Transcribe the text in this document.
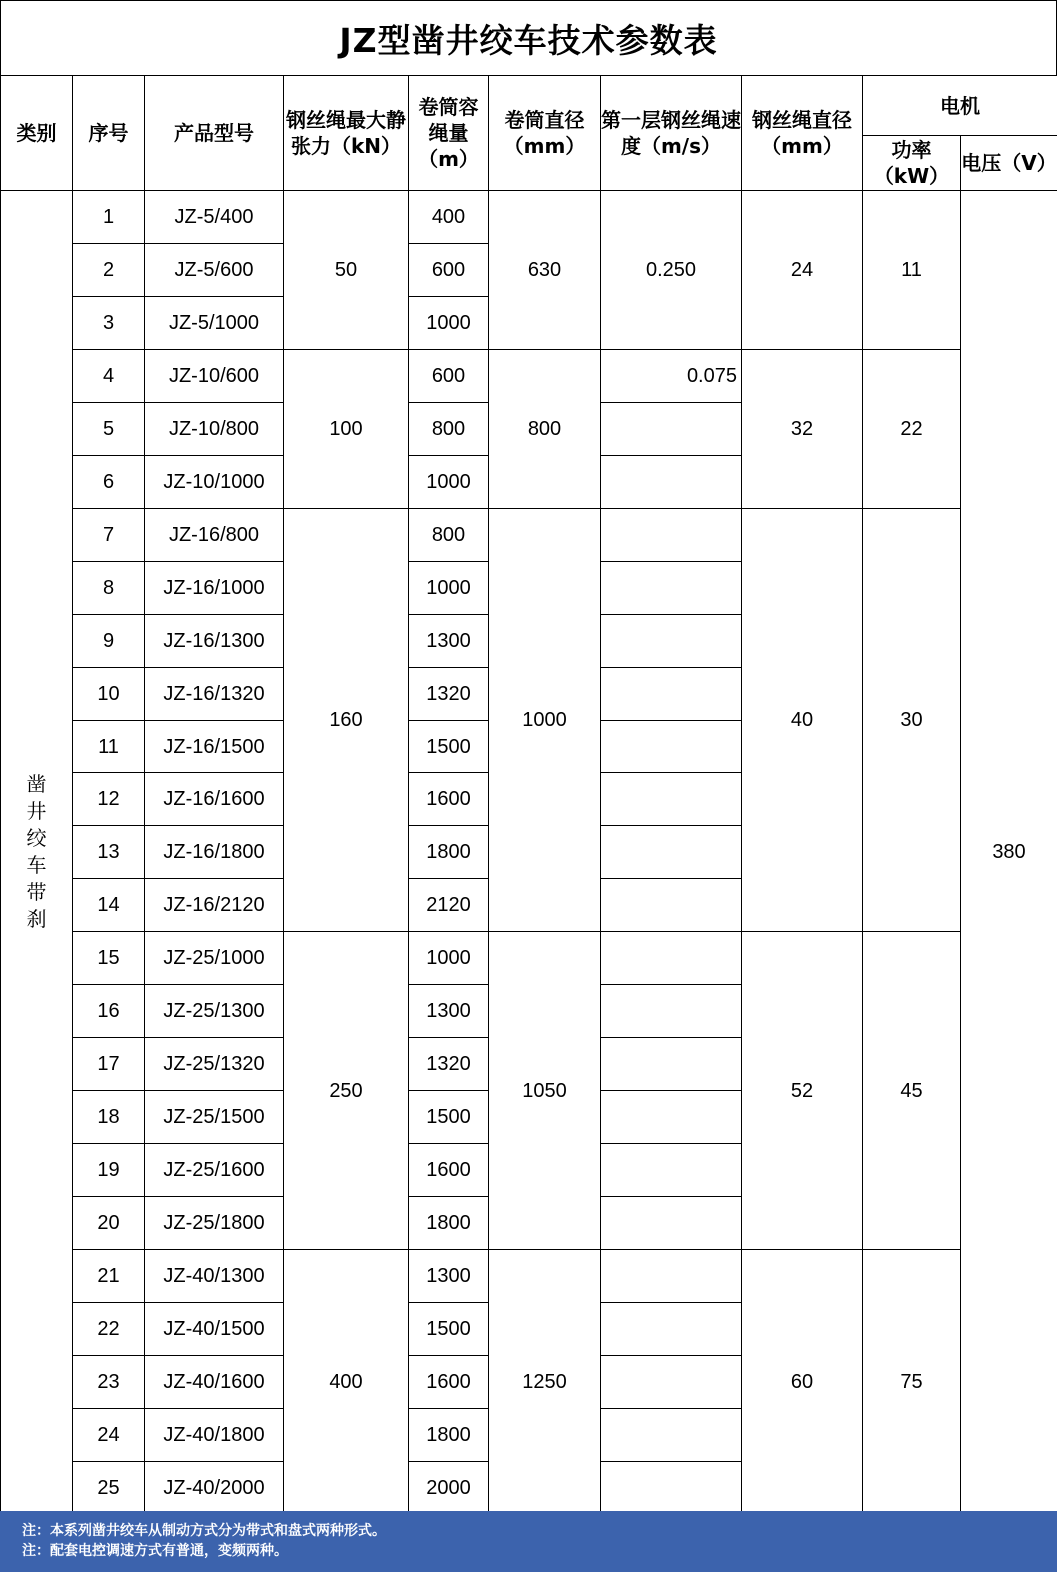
JZ型凿井绞车技术参数表
类别	序号	产品型号	钢丝绳最大静张力（kN）	卷筒容绳量（m）	卷筒直径（mm）	第一层钢丝绳速度（m/s）	钢丝绳直径（mm）	电机	
								功率（kW）	电压（V）
凿井绞车带刹	1	JZ-5/400	50	400	630	0.250	24	11	380
	2	JZ-5/600		600					
	3	JZ-5/1000		1000					
	4	JZ-10/600	100	600	800	0.075	32	22	
	5	JZ-10/800		800					
	6	JZ-10/1000		1000					
	7	JZ-16/800	160	800	1000		40	30	
	8	JZ-16/1000		1000					
	9	JZ-16/1300		1300					
	10	JZ-16/1320		1320					
	11	JZ-16/1500		1500					
	12	JZ-16/1600		1600					
	13	JZ-16/1800		1800					
	14	JZ-16/2120		2120					
	15	JZ-25/1000	250	1000	1050		52	45	
	16	JZ-25/1300		1300					
	17	JZ-25/1320		1320					
	18	JZ-25/1500		1500					
	19	JZ-25/1600		1600					
	20	JZ-25/1800		1800					
	21	JZ-40/1300	400	1300	1250		60	75	
	22	JZ-40/1500		1500					
	23	JZ-40/1600		1600					
	24	JZ-40/1800		1800					
	25	JZ-40/2000		2000					
注：本系列凿井绞车从制动方式分为带式和盘式两种形式。
注：配套电控调速方式有普通，变频两种。
